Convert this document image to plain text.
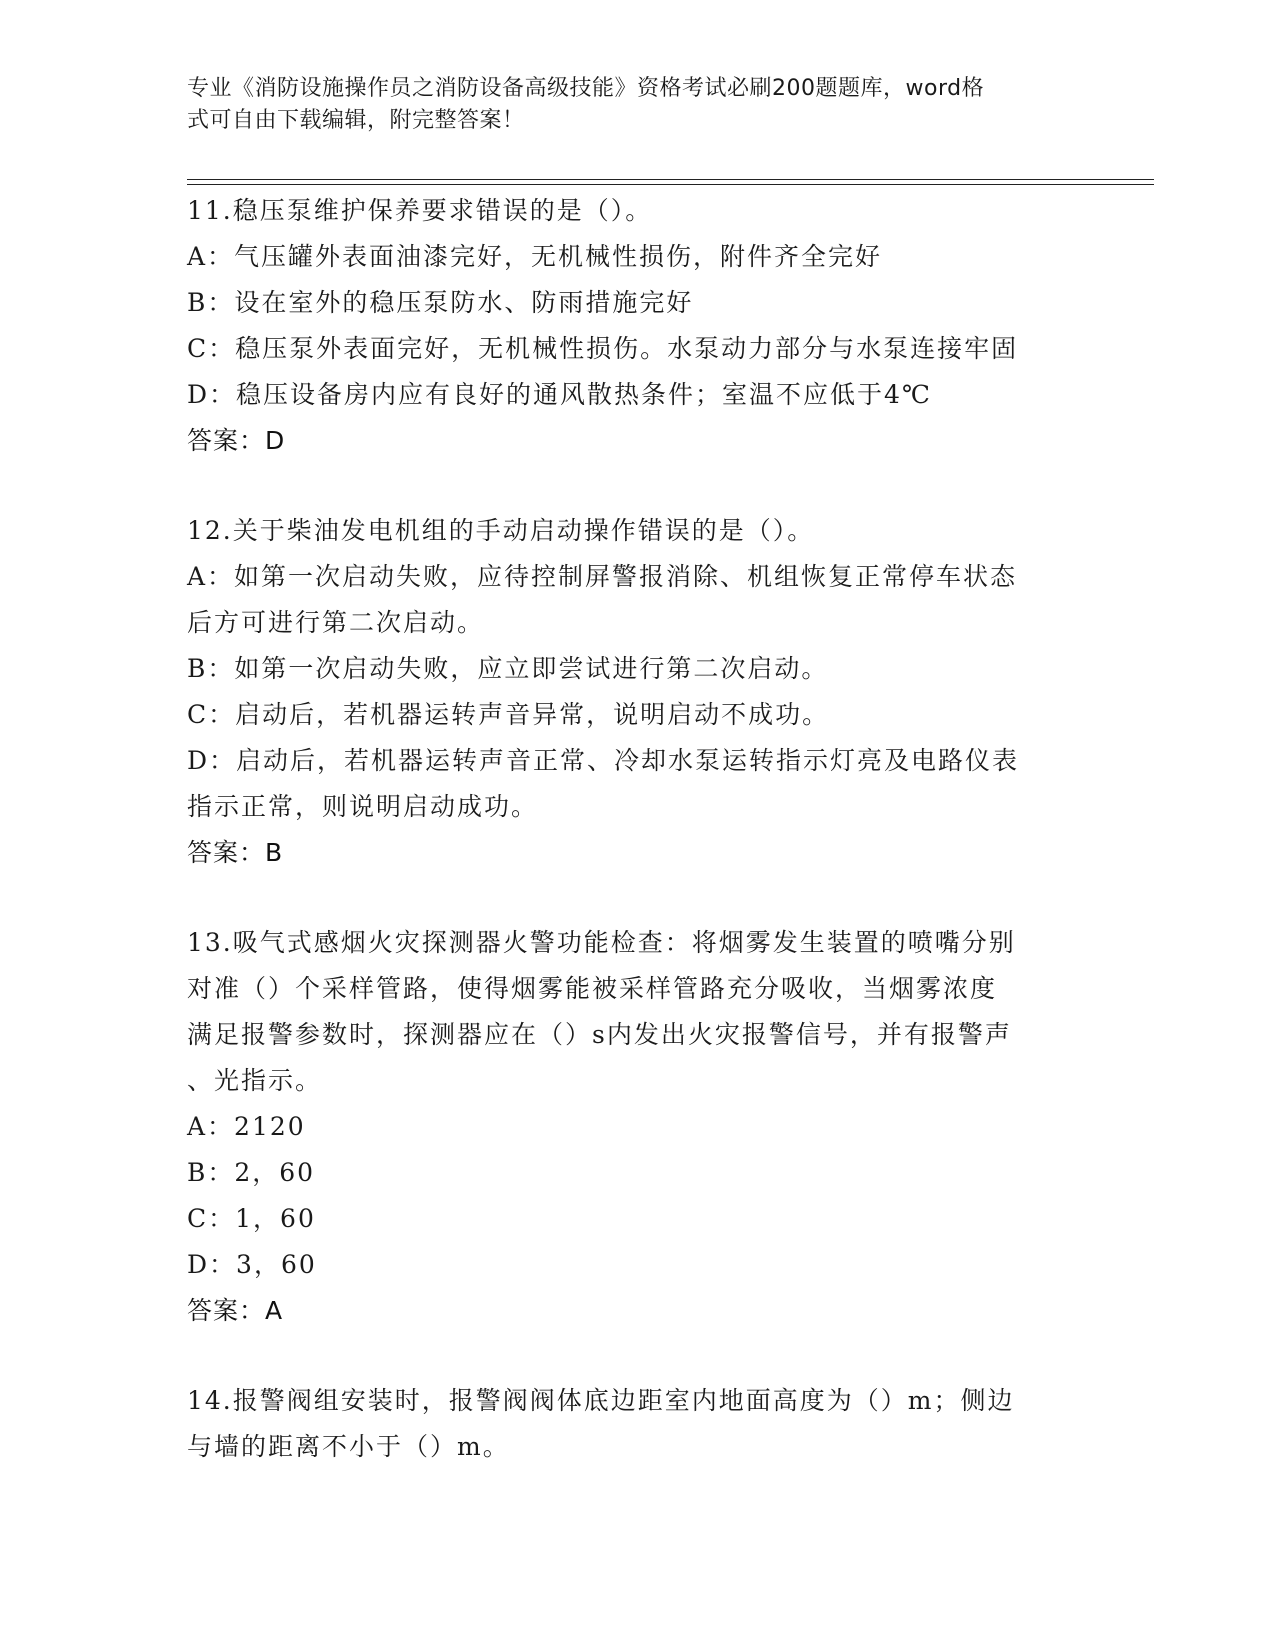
专业《消防设施操作员之消防设备高级技能》资格考试必刷200题题库，word格
式可自由下载编辑，附完整答案！
11.稳压泵维护保养要求错误的是（）。
A：气压罐外表面油漆完好，无机械性损伤，附件齐全完好
B：设在室外的稳压泵防水、防雨措施完好
C：稳压泵外表面完好，无机械性损伤。水泵动力部分与水泵连接牢固
D：稳压设备房内应有良好的通风散热条件；室温不应低于4℃
答案：D
12.关于柴油发电机组的手动启动操作错误的是（）。
A：如第一次启动失败，应待控制屏警报消除、机组恢复正常停车状态
后方可进行第二次启动。
B：如第一次启动失败，应立即尝试进行第二次启动。
C：启动后，若机器运转声音异常，说明启动不成功。
D：启动后，若机器运转声音正常、冷却水泵运转指示灯亮及电路仪表
指示正常，则说明启动成功。
答案：B
13.吸气式感烟火灾探测器火警功能检查：将烟雾发生装置的喷嘴分别
对准（）个采样管路，使得烟雾能被采样管路充分吸收，当烟雾浓度
满足报警参数时，探测器应在（）s内发出火灾报警信号，并有报警声
、光指示。
A：2120
B：2，60
C：1，60
D：3，60
答案：A
14.报警阀组安装时，报警阀阀体底边距室内地面高度为（）m；侧边
与墙的距离不小于（）m。
